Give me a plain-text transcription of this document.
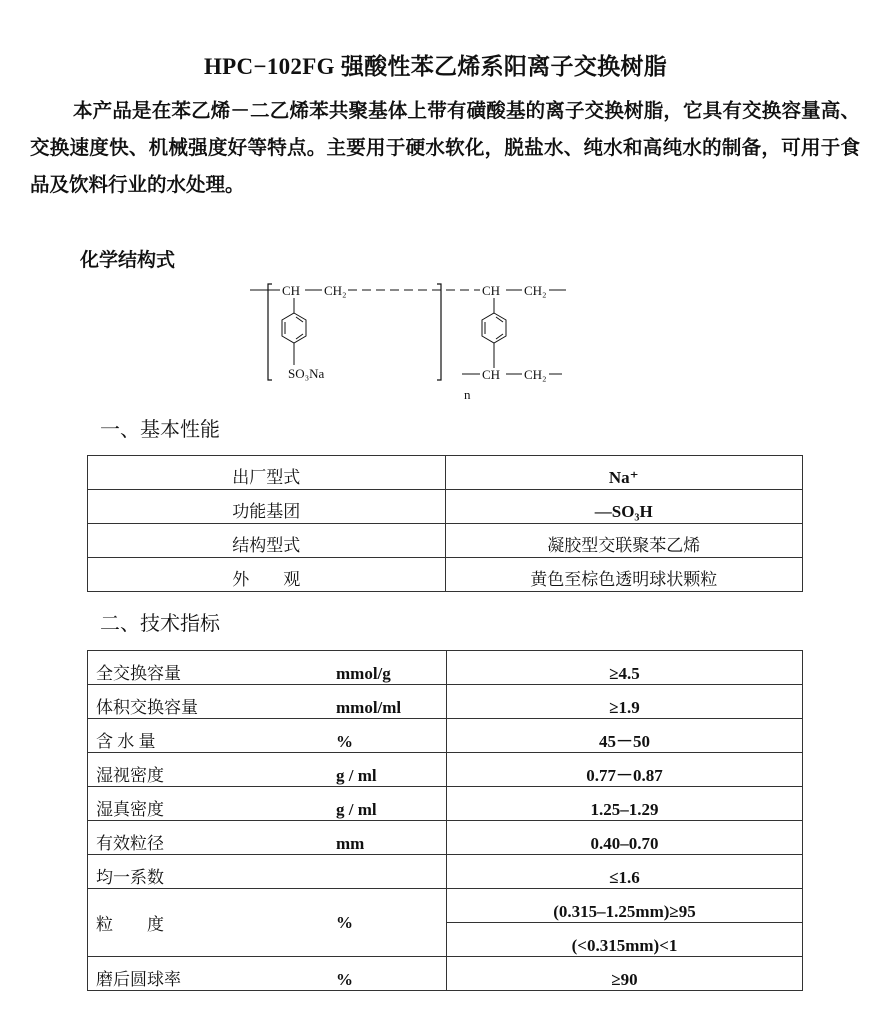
HPC−102FG 强酸性苯乙烯系阳离子交换树脂

本产品是在苯乙烯－二乙烯苯共聚基体上带有磺酸基的离子交换树脂，它具有交换容量高、交换速度快、机械强度好等特点。主要用于硬水软化，脱盐水、纯水和高纯水的制备，可用于食品及饮料行业的水处理。

化学结构式
CH CH₂	CH CH₂
SO₃Na	CH CH₂
n
一、基本性能
出厂型式	Na⁺
功能基团	—SO₃H
结构型式	凝胶型交联聚苯乙烯
外　　观	黄色至棕色透明球状颗粒
二、技术指标
全交换容量	mmol/g	≥4.5
体积交换容量	mmol/ml	≥1.9
含 水 量	%	45－50
湿视密度	g / ml	0.77－0.87
湿真密度	g / ml	1.25–1.29
有效粒径	mm	0.40–0.70
均一系数		≤1.6
粒　　度	%	(0.315–1.25mm)≥95
		(<0.315mm)<1
磨后圆球率	%	≥90
